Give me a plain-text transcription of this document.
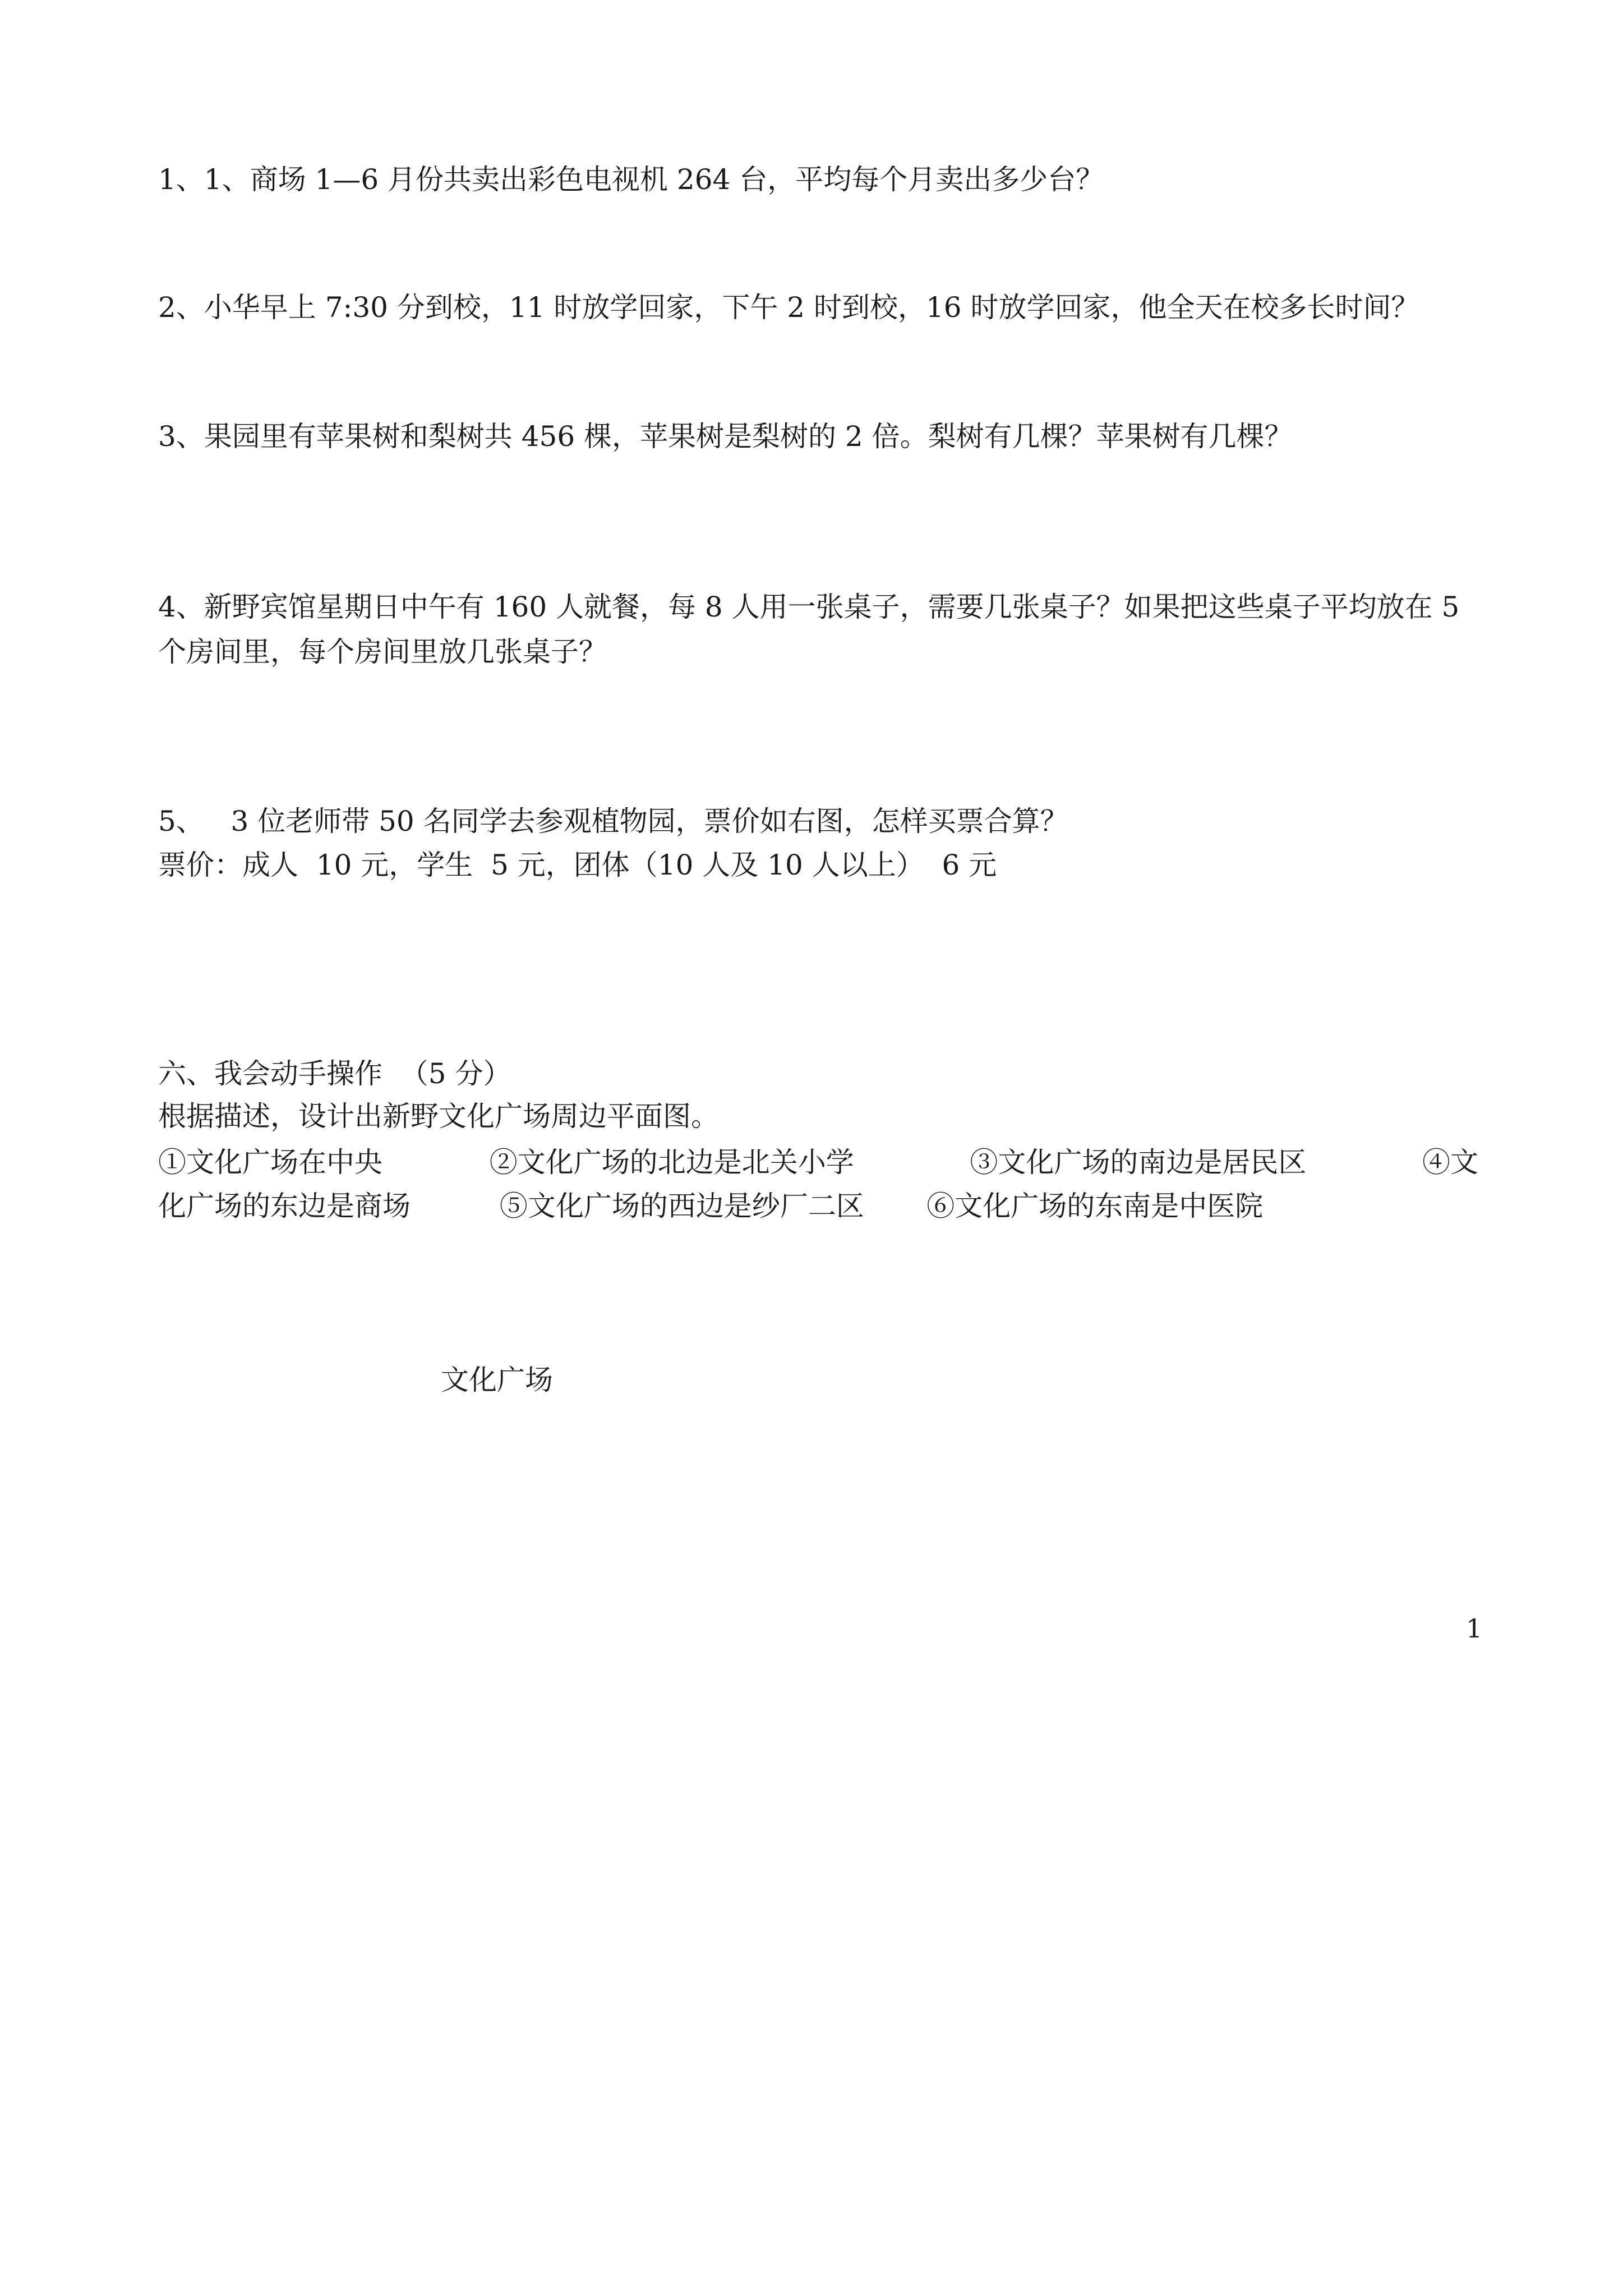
1、1、商场 1—6 月份共卖出彩色电视机 264 台，平均每个月卖出多少台？
2、小华早上 7:30 分到校，11 时放学回家，下午 2 时到校，16 时放学回家，他全天在校多长时间？
3、果园里有苹果树和梨树共 456 棵，苹果树是梨树的 2 倍。梨树有几棵？苹果树有几棵？
4、新野宾馆星期日中午有 160 人就餐，每 8 人用一张桌子，需要几张桌子？如果把这些桌子平均放在 5
个房间里，每个房间里放几张桌子？
5、   3 位老师带 50 名同学去参观植物园，票价如右图，怎样买票合算？
票价：成人  10 元，学生  5 元，团体（10 人及 10 人以上）  6 元
六、我会动手操作  （5 分）
根据描述，设计出新野文化广场周边平面图。
①文化广场在中央            ②文化广场的北边是北关小学             ③文化广场的南边是居民区             ④文
化广场的东边是商场          ⑤文化广场的西边是纱厂二区       ⑥文化广场的东南是中医院
文化广场
1
